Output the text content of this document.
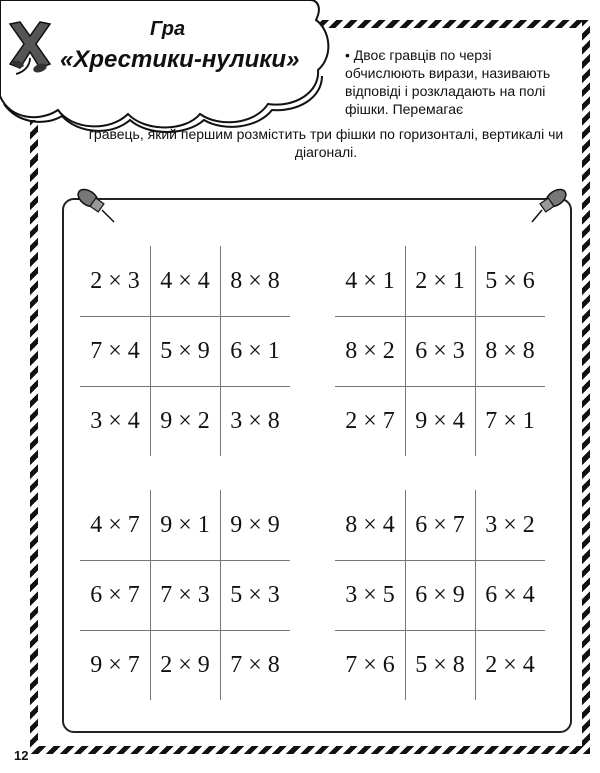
Гра
«Хрестики-нулики»	• Двоє гравців по черзі обчислюють вирази, називають відповіді і розкладають на полі фішки. Перемагає
гравець, який першим розмістить три фішки по горизонталі, вертикалі чи діагоналі.
2 × 3 4 × 4 8 × 8
7 × 4 5 × 9 6 × 1
3 × 4 9 × 2 3 × 8
4 × 1 2 × 1 5 × 6
8 × 2 6 × 3 8 × 8
2 × 7 9 × 4 7 × 1
4 × 7 9 × 1 9 × 9
6 × 7 7 × 3 5 × 3
9 × 7 2 × 9 7 × 8
8 × 4 6 × 7 3 × 2
3 × 5 6 × 9 6 × 4
7 × 6 5 × 8 2 × 4
12
